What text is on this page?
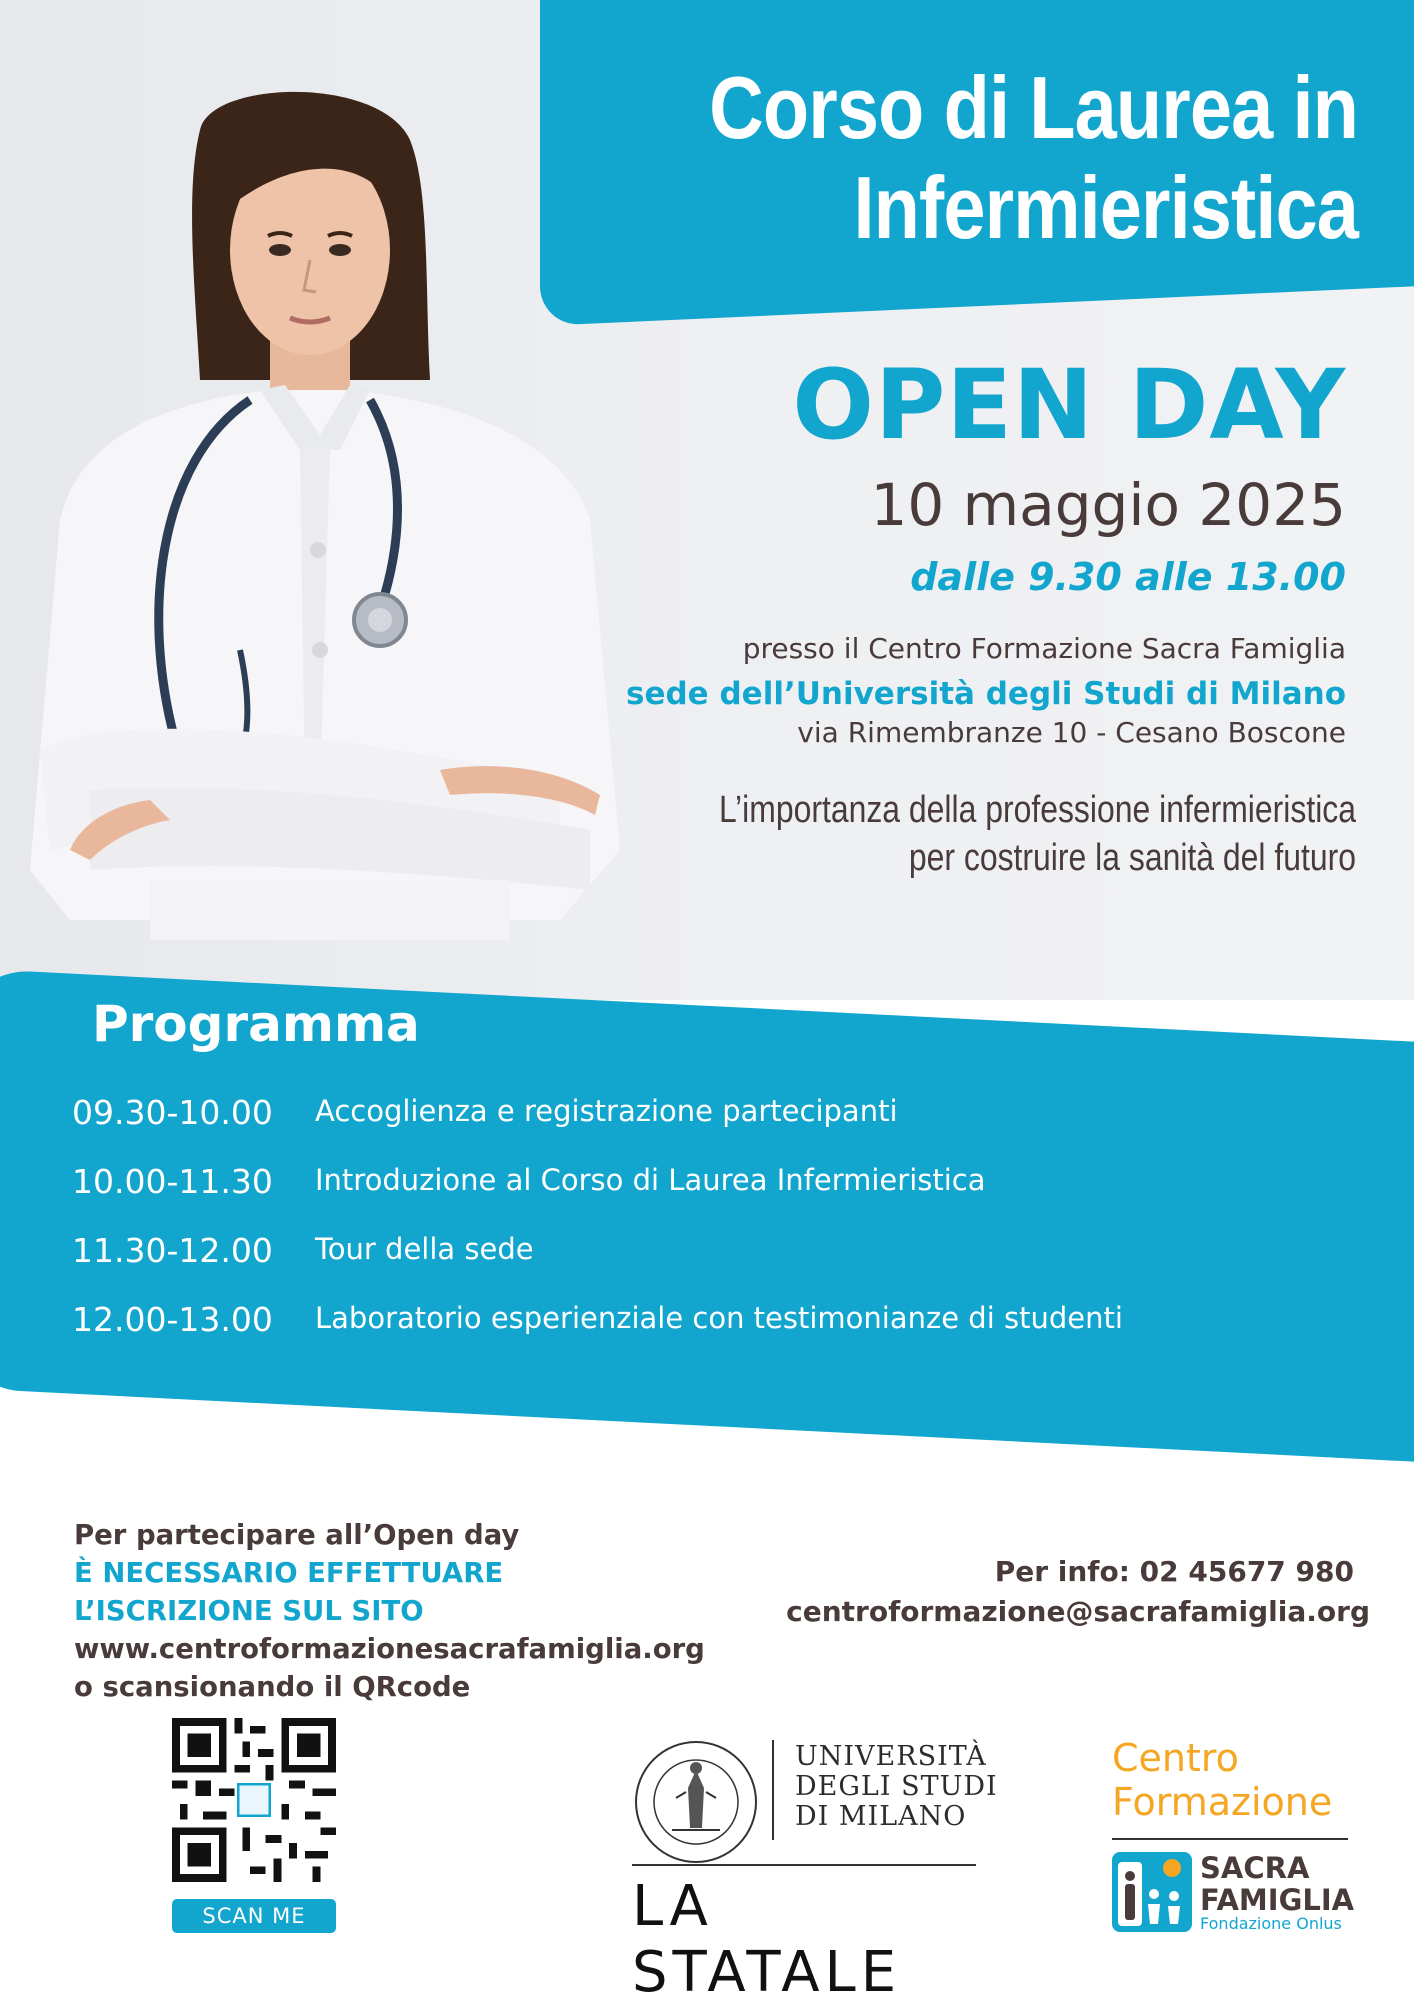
Corso di Laurea in
Infermieristica
OPEN DAY
10 maggio 2025
dalle 9.30 alle 13.00
presso il Centro Formazione Sacra Famiglia
sede dell’Università degli Studi di Milano
via Rimembranze 10 - Cesano Boscone
L’importanza della professione infermieristica
per costruire la sanità del futuro
Programma
09.30-10.00	Accoglienza e registrazione partecipanti
10.00-11.30	Introduzione al Corso di Laurea Infermieristica
11.30-12.00	Tour della sede
12.00-13.00	Laboratorio esperienziale con testimonianze di studenti
Per partecipare all’Open day
È NECESSARIO EFFETTUARE
L’ISCRIZIONE SUL SITO
www.centroformazionesacrafamiglia.org
o scansionando il QRcode
Per info: 02 45677 980
centroformazione@sacrafamiglia.org
SCAN ME
UNIVERSITÀ
DEGLI STUDI
DI MILANO
LA STATALE
Centro
Formazione
SACRA
FAMIGLIA
Fondazione Onlus
